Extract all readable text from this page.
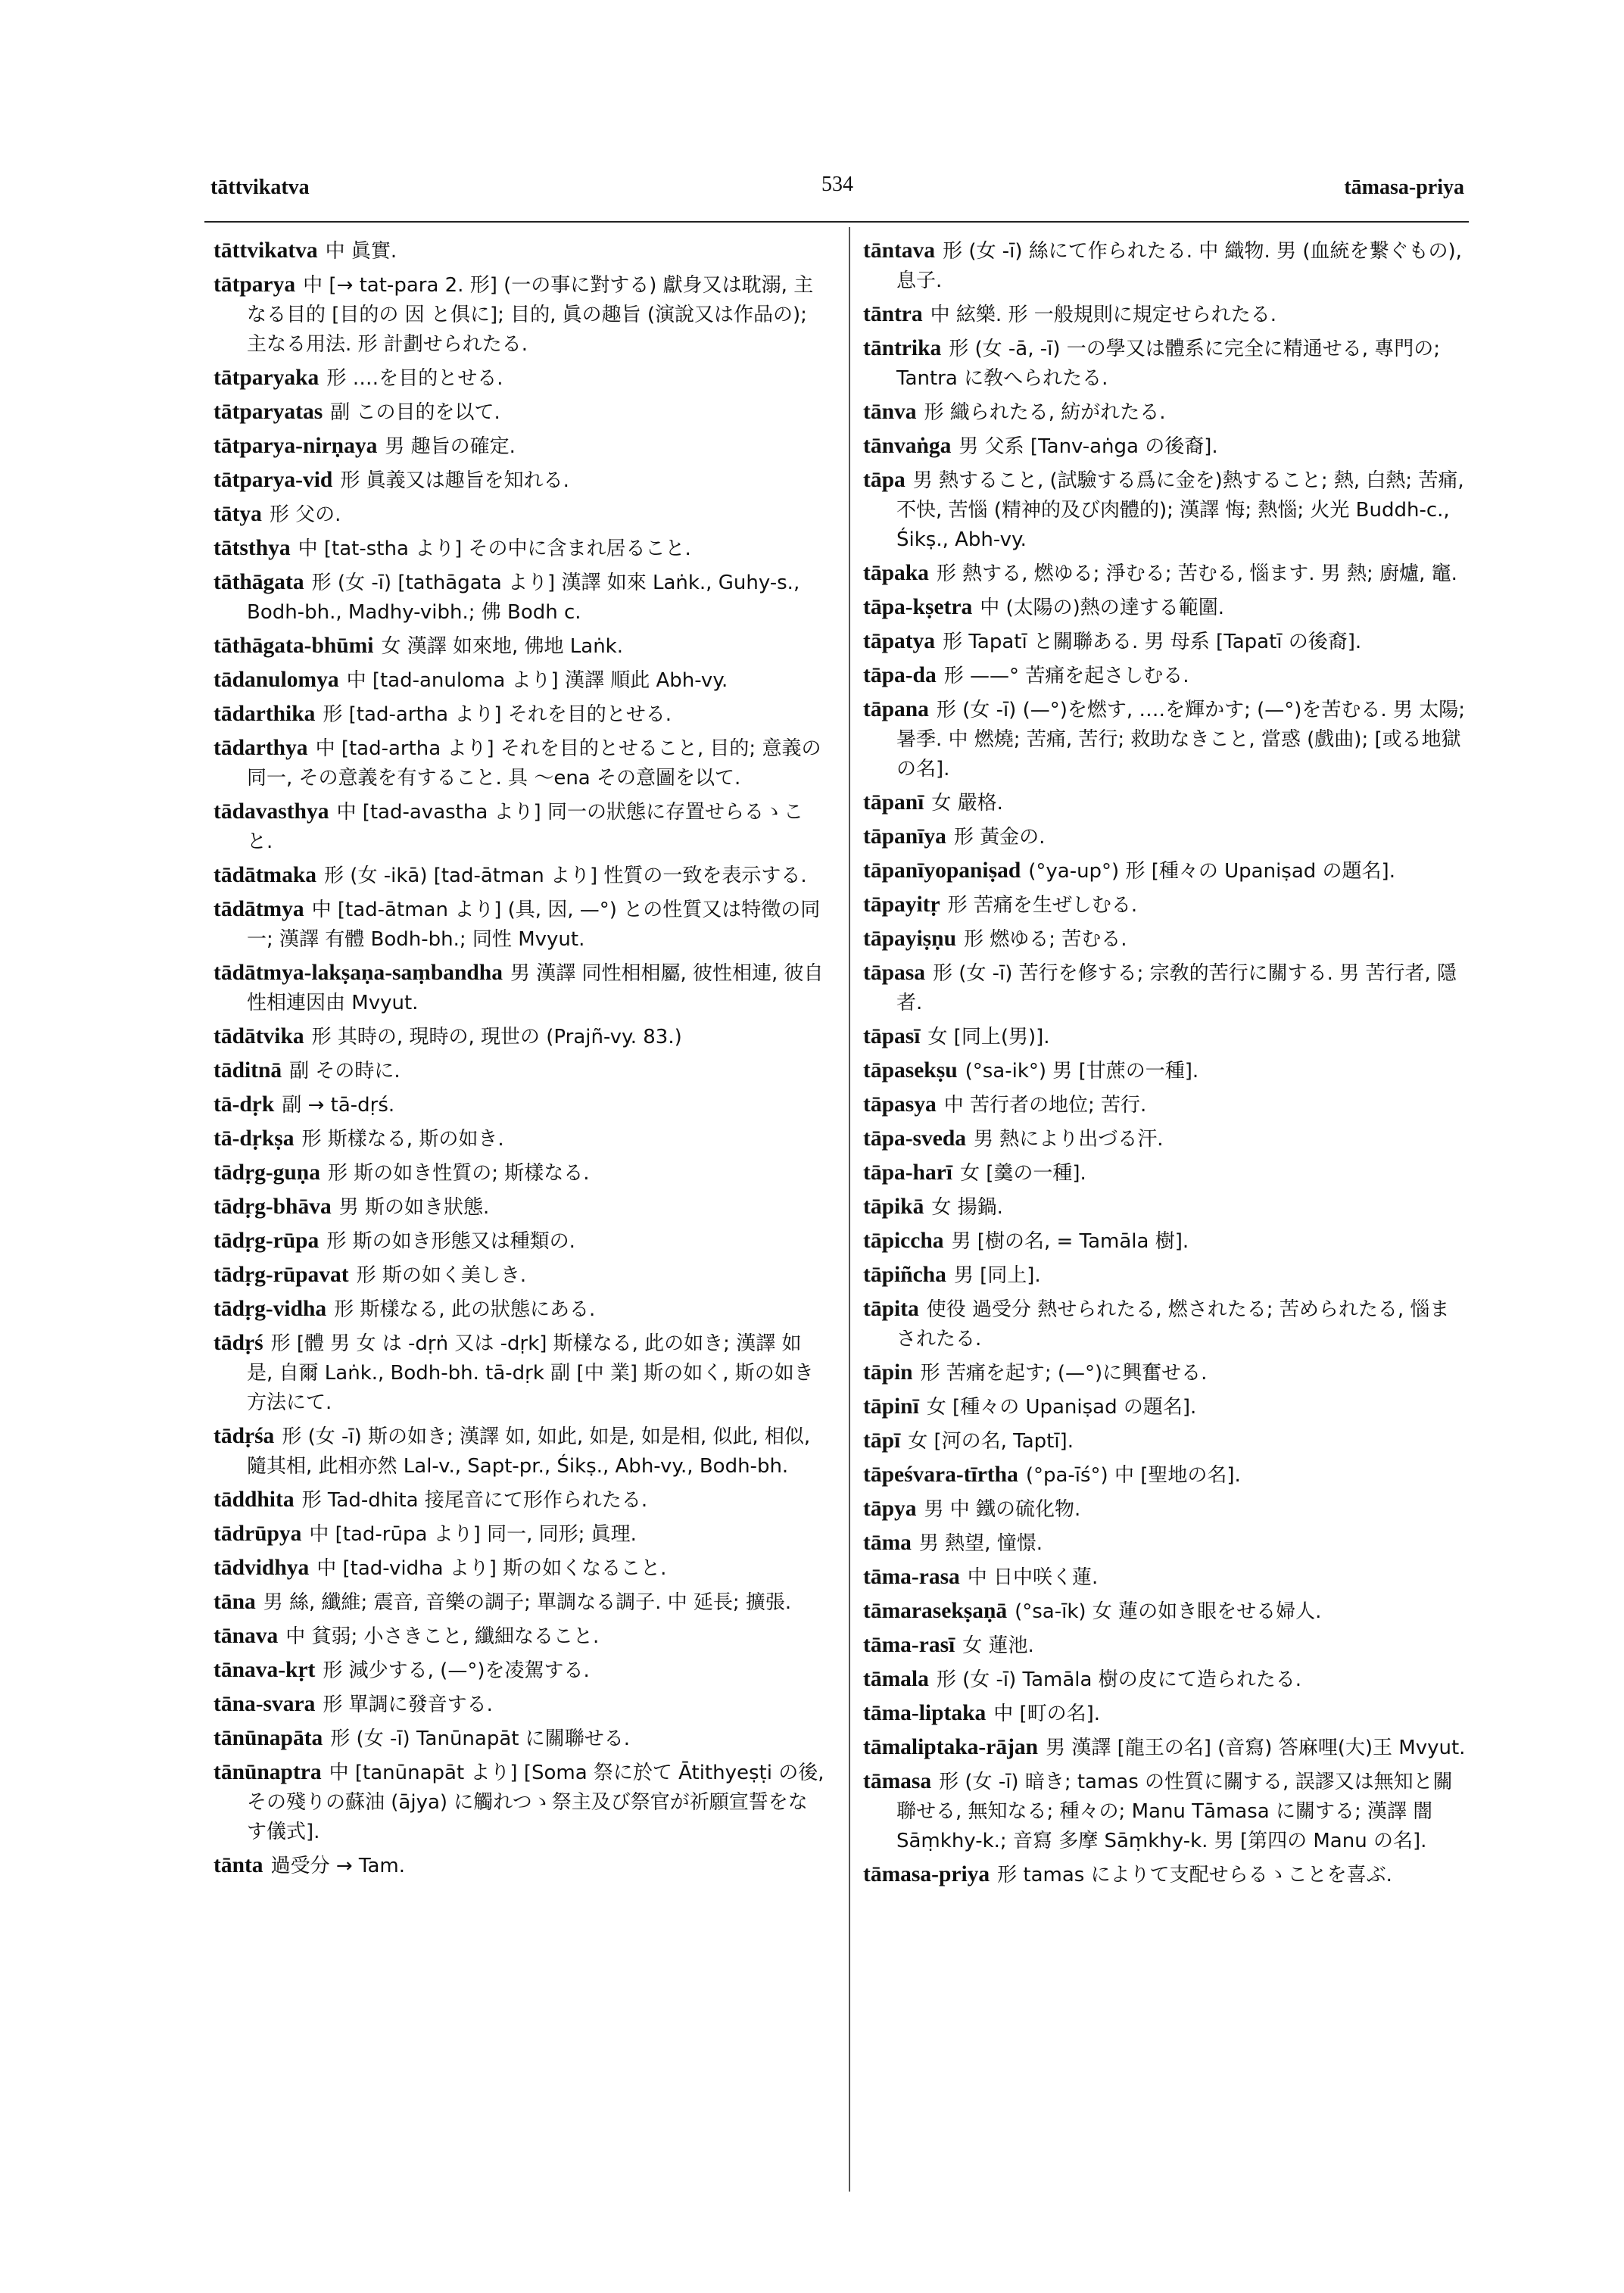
tāttvikatva	534	tāmasa-priya

tāttvikatva 中 眞實.

tātparya 中 [→ tat-para 2. 形] (一の事に對する) 獻身又は耽溺, 主なる目的 [目的の 因 と俱に]; 目的, 眞の趣旨 (演說又は作品の); 主なる用法. 形 計劃せられたる.

tātparyaka 形 ‥‥を目的とせる.

tātparyatas 副 この目的を以て.

tātparya-nirṇaya 男 趣旨の確定.

tātparya-vid 形 眞義又は趣旨を知れる.

tātya 形 父の.

tātsthya 中 [tat-stha より] その中に含まれ居ること.

tāthāgata 形 (女 -ī) [tathāgata より] 漢譯 如來 Laṅk., Guhy-s., Bodh-bh., Madhy-vibh.; 佛 Bodh c.

tāthāgata-bhūmi 女 漢譯 如來地, 佛地 Laṅk.

tādanulomya 中 [tad-anuloma より] 漢譯 順此 Abh-vy.

tādarthika 形 [tad-artha より] それを目的とせる.

tādarthya 中 [tad-artha より] それを目的とせること, 目的; 意義の同一, その意義を有すること. 具 ～ena その意圖を以て.

tādavasthya 中 [tad-avastha より] 同一の狀態に存置せらるゝこと.

tādātmaka 形 (女 -ikā) [tad-ātman より] 性質の一致を表示する.

tādātmya 中 [tad-ātman より] (具, 因, —°) との性質又は特徵の同一; 漢譯 有體 Bodh-bh.; 同性 Mvyut.

tādātmya-lakṣaṇa-saṃbandha 男 漢譯 同性相相屬, 彼性相連, 彼自性相連因由 Mvyut.

tādātvika 形 其時の, 現時の, 現世の (Prajñ-vy. 83.)

tāditnā 副 その時に.

tā-dṛk 副 → tā-dṛś.

tā-dṛkṣa 形 斯樣なる, 斯の如き.

tādṛg-guṇa 形 斯の如き性質の; 斯樣なる.

tādṛg-bhāva 男 斯の如き狀態.

tādṛg-rūpa 形 斯の如き形態又は種類の.

tādṛg-rūpavat 形 斯の如く美しき.

tādṛg-vidha 形 斯樣なる, 此の狀態にある.

tādṛś 形 [體 男 女 は -dṛṅ 又は -dṛk] 斯樣なる, 此の如き; 漢譯 如是, 自爾 Laṅk., Bodh-bh. tā-dṛk 副 [中 業] 斯の如く, 斯の如き方法にて.

tādṛśa 形 (女 -ī) 斯の如き; 漢譯 如, 如此, 如是, 如是相, 似此, 相似, 隨其相, 此相亦然 Lal-v., Sapt-pr., Śikṣ., Abh-vy., Bodh-bh.

tāddhita 形 Tad-dhita 接尾音にて形作られたる.

tādrūpya 中 [tad-rūpa より] 同一, 同形; 眞理.

tādvidhya 中 [tad-vidha より] 斯の如くなること.

tāna 男 絲, 纖維; 震音, 音樂の調子; 單調なる調子. 中 延長; 擴張.

tānava 中 貧弱; 小さきこと, 纖細なること.

tānava-kṛt 形 減少する, (—°)を凌駕する.

tāna-svara 形 單調に發音する.

tānūnapāta 形 (女 -ī) Tanūnapāt に關聯せる.

tānūnaptra 中 [tanūnapāt より] [Soma 祭に於て Ātithyeṣṭi の後, その殘りの蘇油 (ājya) に觸れつゝ祭主及び祭官が祈願宣誓をなす儀式].

tānta 過受分 → Tam.

tāntava 形 (女 -ī) 絲にて作られたる. 中 織物. 男 (血統を繋ぐもの), 息子.

tāntra 中 絃樂. 形 一般規則に規定せられたる.

tāntrika 形 (女 -ā, -ī) 一の學又は體系に完全に精通せる, 專門の; Tantra に敎へられたる.

tānva 形 織られたる, 紡がれたる.

tānvaṅga 男 父系 [Tanv-aṅga の後裔].

tāpa 男 熱すること, (試驗する爲に金を)熱すること; 熱, 白熱; 苦痛, 不快, 苦惱 (精神的及び肉體的); 漢譯 悔; 熱惱; 火光 Buddh-c., Śikṣ., Abh-vy.

tāpaka 形 熱する, 燃ゆる; 淨むる; 苦むる, 惱ます. 男 熱; 廚爐, 竈.

tāpa-kṣetra 中 (太陽の)熱の達する範圍.

tāpatya 形 Tapatī と關聯ある. 男 母系 [Tapatī の後裔].

tāpa-da 形 ——° 苦痛を起さしむる.

tāpana 形 (女 -ī) (—°)を燃す, ‥‥を輝かす; (—°)を苦むる. 男 太陽; 暑季. 中 燃燒; 苦痛, 苦行; 救助なきこと, 當惑 (戲曲); [或る地獄の名].

tāpanī 女 嚴格.

tāpanīya 形 黃金の.

tāpanīyopaniṣad (°ya-up°) 形 [種々の Upaniṣad の題名].

tāpayitṛ 形 苦痛を生ぜしむる.

tāpayiṣṇu 形 燃ゆる; 苦むる.

tāpasa 形 (女 -ī) 苦行を修する; 宗敎的苦行に關する. 男 苦行者, 隱者.

tāpasī 女 [同上(男)].

tāpasekṣu (°sa-ik°) 男 [甘蔗の一種].

tāpasya 中 苦行者の地位; 苦行.

tāpa-sveda 男 熱により出づる汗.

tāpa-harī 女 [羹の一種].

tāpikā 女 揚鍋.

tāpiccha 男 [樹の名, = Tamāla 樹].

tāpiñcha 男 [同上].

tāpita 使役 過受分 熱せられたる, 燃されたる; 苦められたる, 惱まされたる.

tāpin 形 苦痛を起す; (—°)に興奮せる.

tāpinī 女 [種々の Upaniṣad の題名].

tāpī 女 [河の名, Taptī].

tāpeśvara-tīrtha (°pa-īś°) 中 [聖地の名].

tāpya 男 中 鐵の硫化物.

tāma 男 熱望, 憧憬.

tāma-rasa 中 日中咲く蓮.

tāmarasekṣaṇā (°sa-īk) 女 蓮の如き眼をせる婦人.

tāma-rasī 女 蓮池.

tāmala 形 (女 -ī) Tamāla 樹の皮にて造られたる.

tāma-liptaka 中 [町の名].

tāmaliptaka-rājan 男 漢譯 [龍王の名] (音寫) 答麻哩(大)王 Mvyut.

tāmasa 形 (女 -ī) 暗き; tamas の性質に關する, 誤謬又は無知と關聯せる, 無知なる; 種々の; Manu Tāmasa に關する; 漢譯 闇 Sāṃkhy-k.; 音寫 多摩 Sāṃkhy-k. 男 [第四の Manu の名].

tāmasa-priya 形 tamas によりて支配せらるゝことを喜ぶ.
